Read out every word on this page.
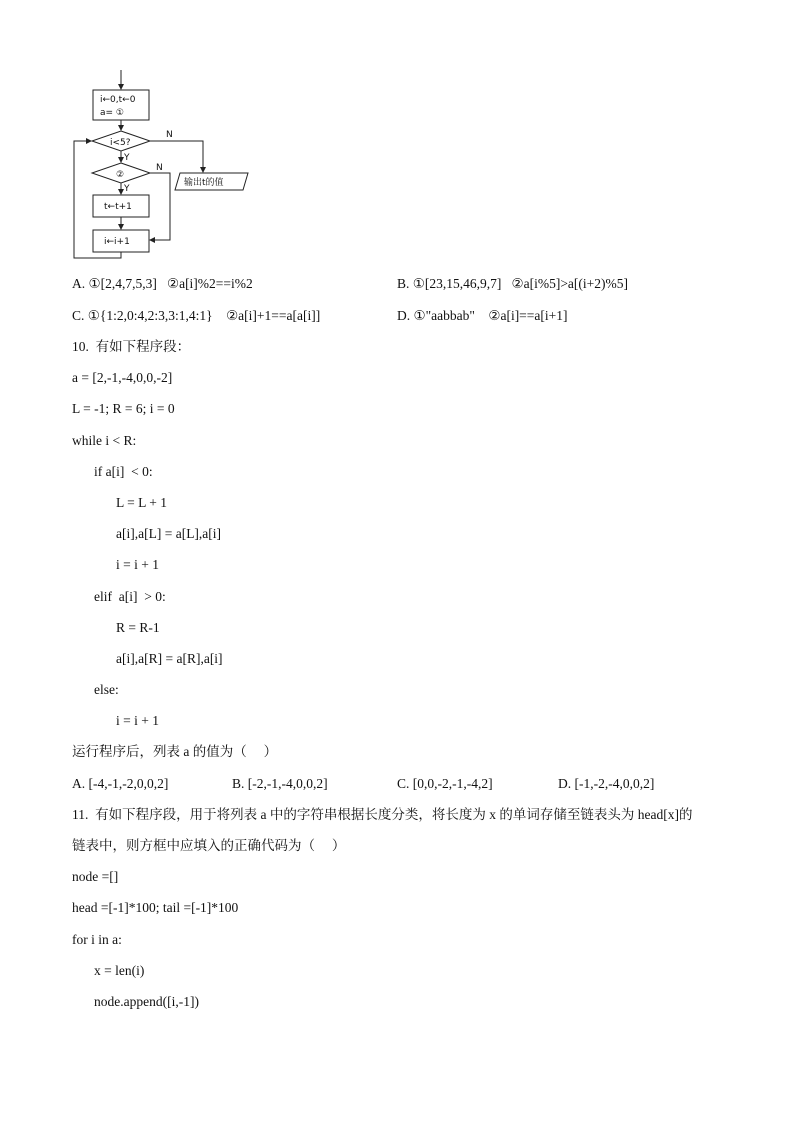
i←0,t←0
a= ①
i<5?
N
输出t的值
Y
②
N
Y
t←t+1
i←i+1
A. ①[2,4,7,5,3]   ②a[i]%2==i%2	B. ①[23,15,46,9,7]   ②a[i%5]>a[(i+2)%5]
C. ①{1:2,0:4,2:3,3:1,4:1}    ②a[i]+1==a[a[i]]	D. ①"aabbab"    ②a[i]==a[i+1]
10.  有如下程序段：
a = [2,-1,-4,0,0,-2]
L = -1; R = 6; i = 0
while i < R:
if a[i]  < 0:
L = L + 1
a[i],a[L] = a[L],a[i]
i = i + 1
elif  a[i]  > 0:
R = R-1
a[i],a[R] = a[R],a[i]
else:
i = i + 1
运行程序后，列表 a 的值为（     ）
A. [-4,-1,-2,0,0,2]	B. [-2,-1,-4,0,0,2]	C. [0,0,-2,-1,-4,2]	D. [-1,-2,-4,0,0,2]
11.  有如下程序段，用于将列表 a 中的字符串根据长度分类，将长度为 x 的单词存储至链表头为 head[x]的
链表中，则方框中应填入的正确代码为（     ）
node =[]
head =[-1]*100; tail =[-1]*100
for i in a:
x = len(i)
node.append([i,-1])
